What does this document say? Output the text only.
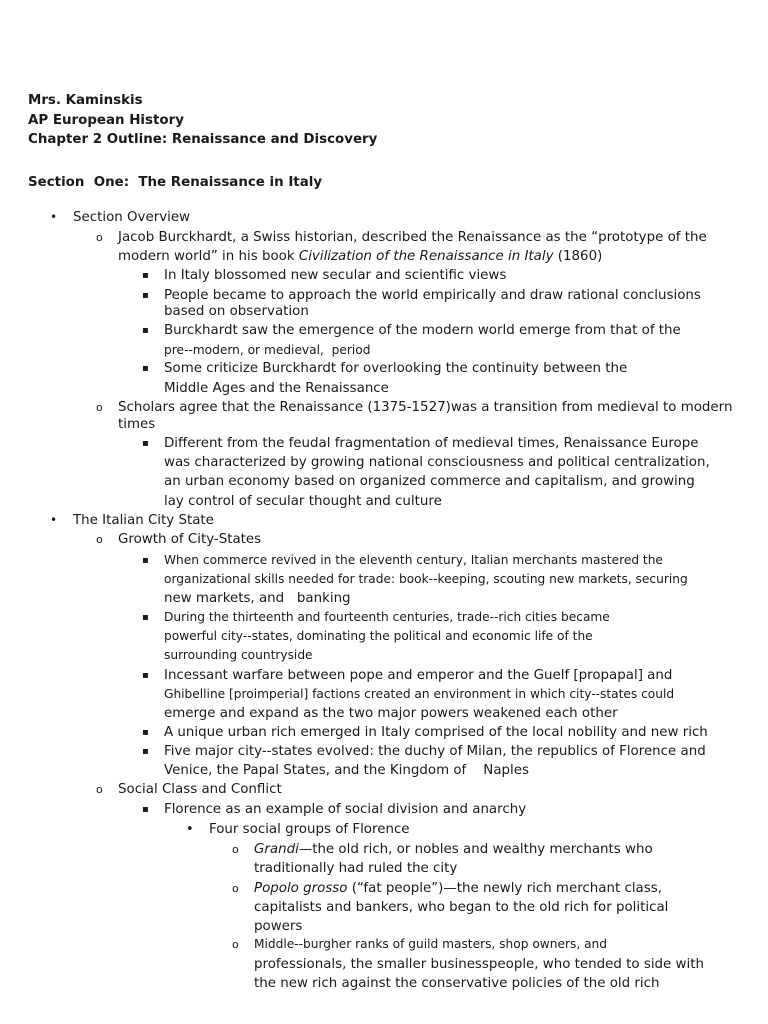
Mrs. Kaminskis
AP European History
Chapter 2 Outline: Renaissance and Discovery
Section  One:  The Renaissance in Italy
• Section Overview
o Jacob Burckhardt, a Swiss historian, described the Renaissance as the “prototype of the
modern world” in his book Civilization of the Renaissance in Italy (1860)
▪ In Italy blossomed new secular and scientific views
▪ People became to approach the world empirically and draw rational conclusions
based on observation
▪ Burckhardt saw the emergence of the modern world emerge from that of the
pre--modern, or medieval,  period
▪ Some criticize Burckhardt for overlooking the continuity between the
Middle Ages and the Renaissance
o Scholars agree that the Renaissance (1375-1527)was a transition from medieval to modern
times
▪ Different from the feudal fragmentation of medieval times, Renaissance Europe
was characterized by growing national consciousness and political centralization,
an urban economy based on organized commerce and capitalism, and growing
lay control of secular thought and culture
• The Italian City State
o Growth of City-States
▪ When commerce revived in the eleventh century, Italian merchants mastered the
organizational skills needed for trade: book--keeping, scouting new markets, securing
new markets, and   banking
▪ During the thirteenth and fourteenth centuries, trade--rich cities became
powerful city--states, dominating the political and economic life of the
surrounding countryside
▪ Incessant warfare between pope and emperor and the Guelf [propapal] and
Ghibelline [proimperial] factions created an environment in which city--states could
emerge and expand as the two major powers weakened each other
▪ A unique urban rich emerged in Italy comprised of the local nobility and new rich
▪ Five major city--states evolved: the duchy of Milan, the republics of Florence and
Venice, the Papal States, and the Kingdom of    Naples
o Social Class and Conflict
▪ Florence as an example of social division and anarchy
• Four social groups of Florence
o Grandi—the old rich, or nobles and wealthy merchants who
traditionally had ruled the city
o Popolo grosso (“fat people”)—the newly rich merchant class,
capitalists and bankers, who began to the old rich for political
powers
o Middle--burgher ranks of guild masters, shop owners, and
professionals, the smaller businesspeople, who tended to side with
the new rich against the conservative policies of the old rich
